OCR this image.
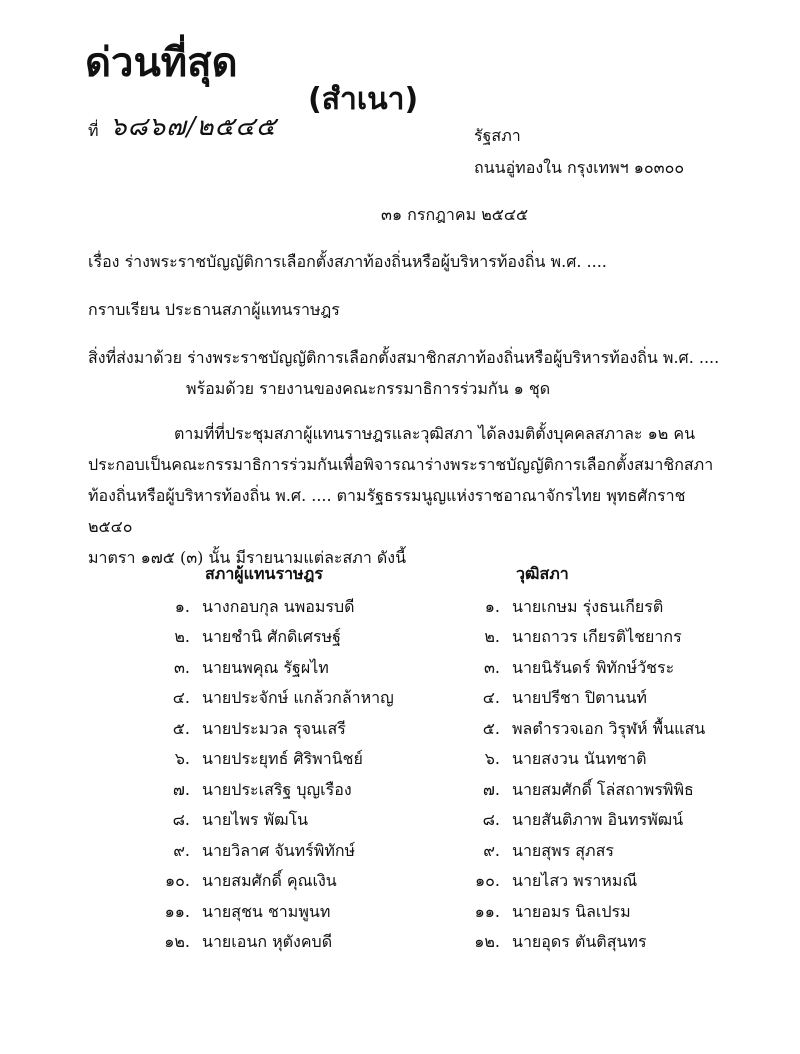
ด่วนที่สุด
(สำเนา)
ที่ ๖๘๖๗/๒๕๔๕	รัฐสภา
ถนนอู่ทองใน กรุงเทพฯ ๑๐๓๐๐
๓๑ กรกฎาคม ๒๕๔๕
เรื่อง ร่างพระราชบัญญัติการเลือกตั้งสภาท้องถิ่นหรือผู้บริหารท้องถิ่น พ.ศ. ....
กราบเรียน ประธานสภาผู้แทนราษฎร
สิ่งที่ส่งมาด้วย ร่างพระราชบัญญัติการเลือกตั้งสมาชิกสภาท้องถิ่นหรือผู้บริหารท้องถิ่น พ.ศ. ....
พร้อมด้วย รายงานของคณะกรรมาธิการร่วมกัน ๑ ชุด

ตามที่ที่ประชุมสภาผู้แทนราษฎรและวุฒิสภา ได้ลงมติตั้งบุคคลสภาละ ๑๒ คน

ประกอบเป็นคณะกรรมาธิการร่วมกันเพื่อพิจารณาร่างพระราชบัญญัติการเลือกตั้งสมาชิกสภา

ท้องถิ่นหรือผู้บริหารท้องถิ่น พ.ศ. .... ตามรัฐธรรมนูญแห่งราชอาณาจักรไทย พุทธศักราช ๒๕๔๐

มาตรา ๑๗๕ (๓) นั้น มีรายนามแต่ละสภา ดังนี้

สภาผู้แทนราษฎร	วุฒิสภา
๑. นางกอบกุล นพอมรบดี
๒. นายชำนิ ศักดิเศรษฐ์
๓. นายนพคุณ รัฐผไท
๔. นายประจักษ์ แกล้วกล้าหาญ
๕. นายประมวล รุจนเสรี
๖. นายประยุทธ์ ศิริพานิชย์
๗. นายประเสริฐ บุญเรือง
๘. นายไพร พัฒโน
๙. นายวิลาศ จันทร์พิทักษ์
๑๐. นายสมศักดิ์ คุณเงิน
๑๑. นายสุชน ชามพูนท
๑๒. นายเอนก หุตังคบดี
๑. นายเกษม รุ่งธนเกียรติ
๒. นายถาวร เกียรติไชยากร
๓. นายนิรันดร์ พิทักษ์วัชระ
๔. นายปรีชา ปิตานนท์
๕. พลตำรวจเอก วิรุฬห์ พื้นแสน
๖. นายสงวน นันทชาติ
๗. นายสมศักดิ์ โล่สถาพรพิพิธ
๘. นายสันติภาพ อินทรพัฒน์
๙. นายสุพร สุภสร
๑๐. นายไสว พราหมณี
๑๑. นายอมร นิลเปรม
๑๒. นายอุดร ตันติสุนทร
